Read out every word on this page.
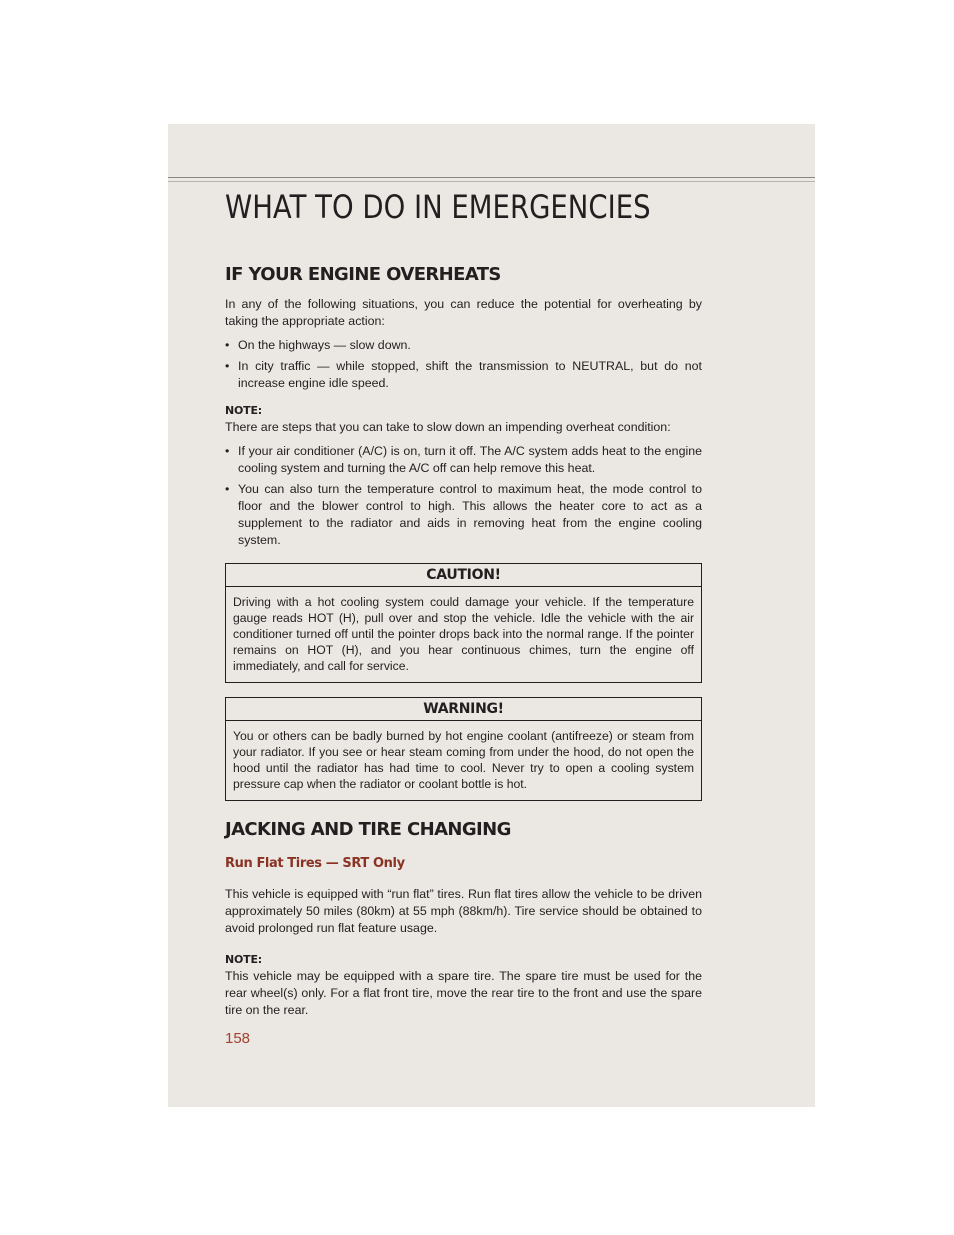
WHAT TO DO IN EMERGENCIES
IF YOUR ENGINE OVERHEATS

In any of the following situations, you can reduce the potential for overheating by taking the appropriate action:

• On the highways — slow down.
• In city traffic — while stopped, shift the transmission to NEUTRAL, but do not increase engine idle speed.
NOTE:

There are steps that you can take to slow down an impending overheat condition:

• If your air conditioner (A/C) is on, turn it off. The A/C system adds heat to the engine cooling system and turning the A/C off can help remove this heat.
• You can also turn the temperature control to maximum heat, the mode control to floor and the blower control to high. This allows the heater core to act as a supplement to the radiator and aids in removing heat from the engine cooling system.
CAUTION!
Driving with a hot cooling system could damage your vehicle. If the temperature gauge reads HOT (H), pull over and stop the vehicle. Idle the vehicle with the air conditioner turned off until the pointer drops back into the normal range. If the pointer remains on HOT (H), and you hear continuous chimes, turn the engine off immediately, and call for service.
WARNING!
You or others can be badly burned by hot engine coolant (antifreeze) or steam from your radiator. If you see or hear steam coming from under the hood, do not open the hood until the radiator has had time to cool. Never try to open a cooling system pressure cap when the radiator or coolant bottle is hot.
JACKING AND TIRE CHANGING
Run Flat Tires — SRT Only

This vehicle is equipped with “run flat” tires. Run flat tires allow the vehicle to be driven approximately 50 miles (80km) at 55 mph (88km/h). Tire service should be obtained to avoid prolonged run flat feature usage.

NOTE:

This vehicle may be equipped with a spare tire. The spare tire must be used for the rear wheel(s) only. For a flat front tire, move the rear tire to the front and use the spare tire on the rear.

158
